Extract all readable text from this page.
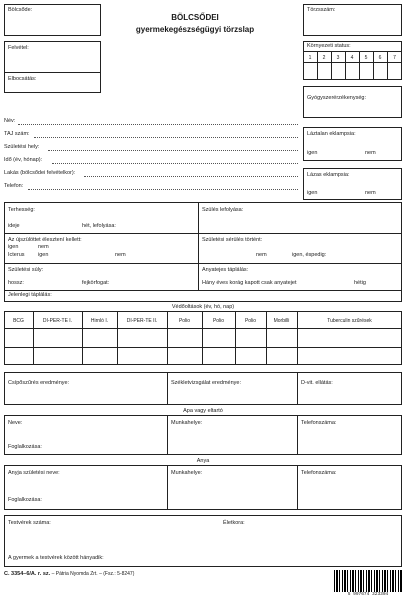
Bölcsőde:
BÖLCSŐDEI
gyermekegészségügyi törzslap
Törzsszám:
Felvétel:
Elbocsátás:
Környezeti status:
1	2	3	4	5	6	7
Gyógyszerérzékenység:
Név:
TAJ szám:
Születési hely:
Idő (év, hónap):
Lakás (bölcsődei felvételkor):
Telefon:
Láztalan eklampsia:
igen	nem
Lázas eklampsia:
igen	nem
Terhesség:
ideje	hét, lefolyása:
Szülés lefolyása:
Az újszülöttet élesztení kellett:
igen	nem
Icterus igen	nem
Születési sérülés történt:
nem	igen, éspedig:
Születési súly:
hossz:	fejkörfogat:
Anyatejes táplálás:
Hány éves korág kapott csak anyatejet	hétig
Jelenlegi táplálás:
Védőoltások (év, hó, nap)
BCG	DI-PER-TE I.	Hirnló I.	DI-PER-TE II.	Polio	Polio	Polio	Morbilli	Tuberculin szűrések
Csípőszűrés eredménye:	Székletvizsgálat eredménye:	D-vit. ellátás:
Apa vagy eltartó
Neve:	Munkahelye:	Telefonszáma:
Foglalkozása:
Anya
Anyja születési neve:	Munkahelye:	Telefonszáma:
Foglalkozása:
Testvérek száma:	Életkora:
A gyermek a testvérek között hányadik:
C. 3354–6/A. r. sz. – Pátria Nyomda Zrt. – (Fsz.: 5-8247)
5 997674 323304
